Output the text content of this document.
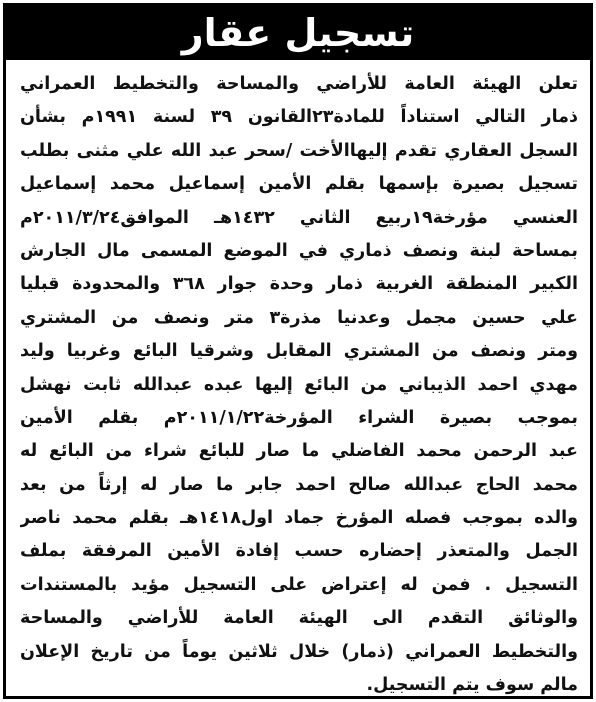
تسجيل عقار
تعلن الهيئة العامة للأراضي والمساحة والتخطيط العمراني
ذمار التالي استناداً للمادة٢٣القانون ٣٩ لسنة ١٩٩١م بشأن
السجل العقاري تقدم إليهاالأخت /سحر عبد الله علي مثنى بطلب
تسجيل بصيرة بإسمها بقلم الأمين إسماعيل محمد إسماعيل
العنسي مؤرخة١٩ربيع الثاني ١٤٣٢هـ الموافق٢٠١١/٣/٢٤م
بمساحة لبنة ونصف ذماري في الموضع المسمى مال الجارش
الكبير المنطقة الغربية ذمار وحدة جوار ٣٦٨ والمحدودة قبليا
علي حسين مجمل وعدنيا مذرة٣ متر ونصف من المشتري
ومتر ونصف من المشتري المقابل وشرقيا البائع وغربيا وليد
مهدي احمد الذيباني من البائع إليها عبده عبدالله ثابت نهشل
بموجب بصيرة الشراء المؤرخة٢٠١١/١/٢٢م بقلم الأمين
عبد الرحمن محمد الفاضلي ما صار للبائع شراء من البائع له
محمد الحاج عبدالله صالح احمد جابر ما صار له إرثاً من بعد
والده بموجب فصله المؤرخ جماد اول١٤١٨هـ بقلم محمد ناصر
الجمل والمتعذر إحضاره حسب إفادة الأمين المرفقة بملف
التسجيل . فمن له إعتراض على التسجيل مؤيد بالمستندات
والوثائق التقدم الى الهيئة العامة للأراضي والمساحة
والتخطيط العمراني (ذمار) خلال ثلاثين يوماً من تاريخ الإعلان
مالم سوف يتم التسجيل.
